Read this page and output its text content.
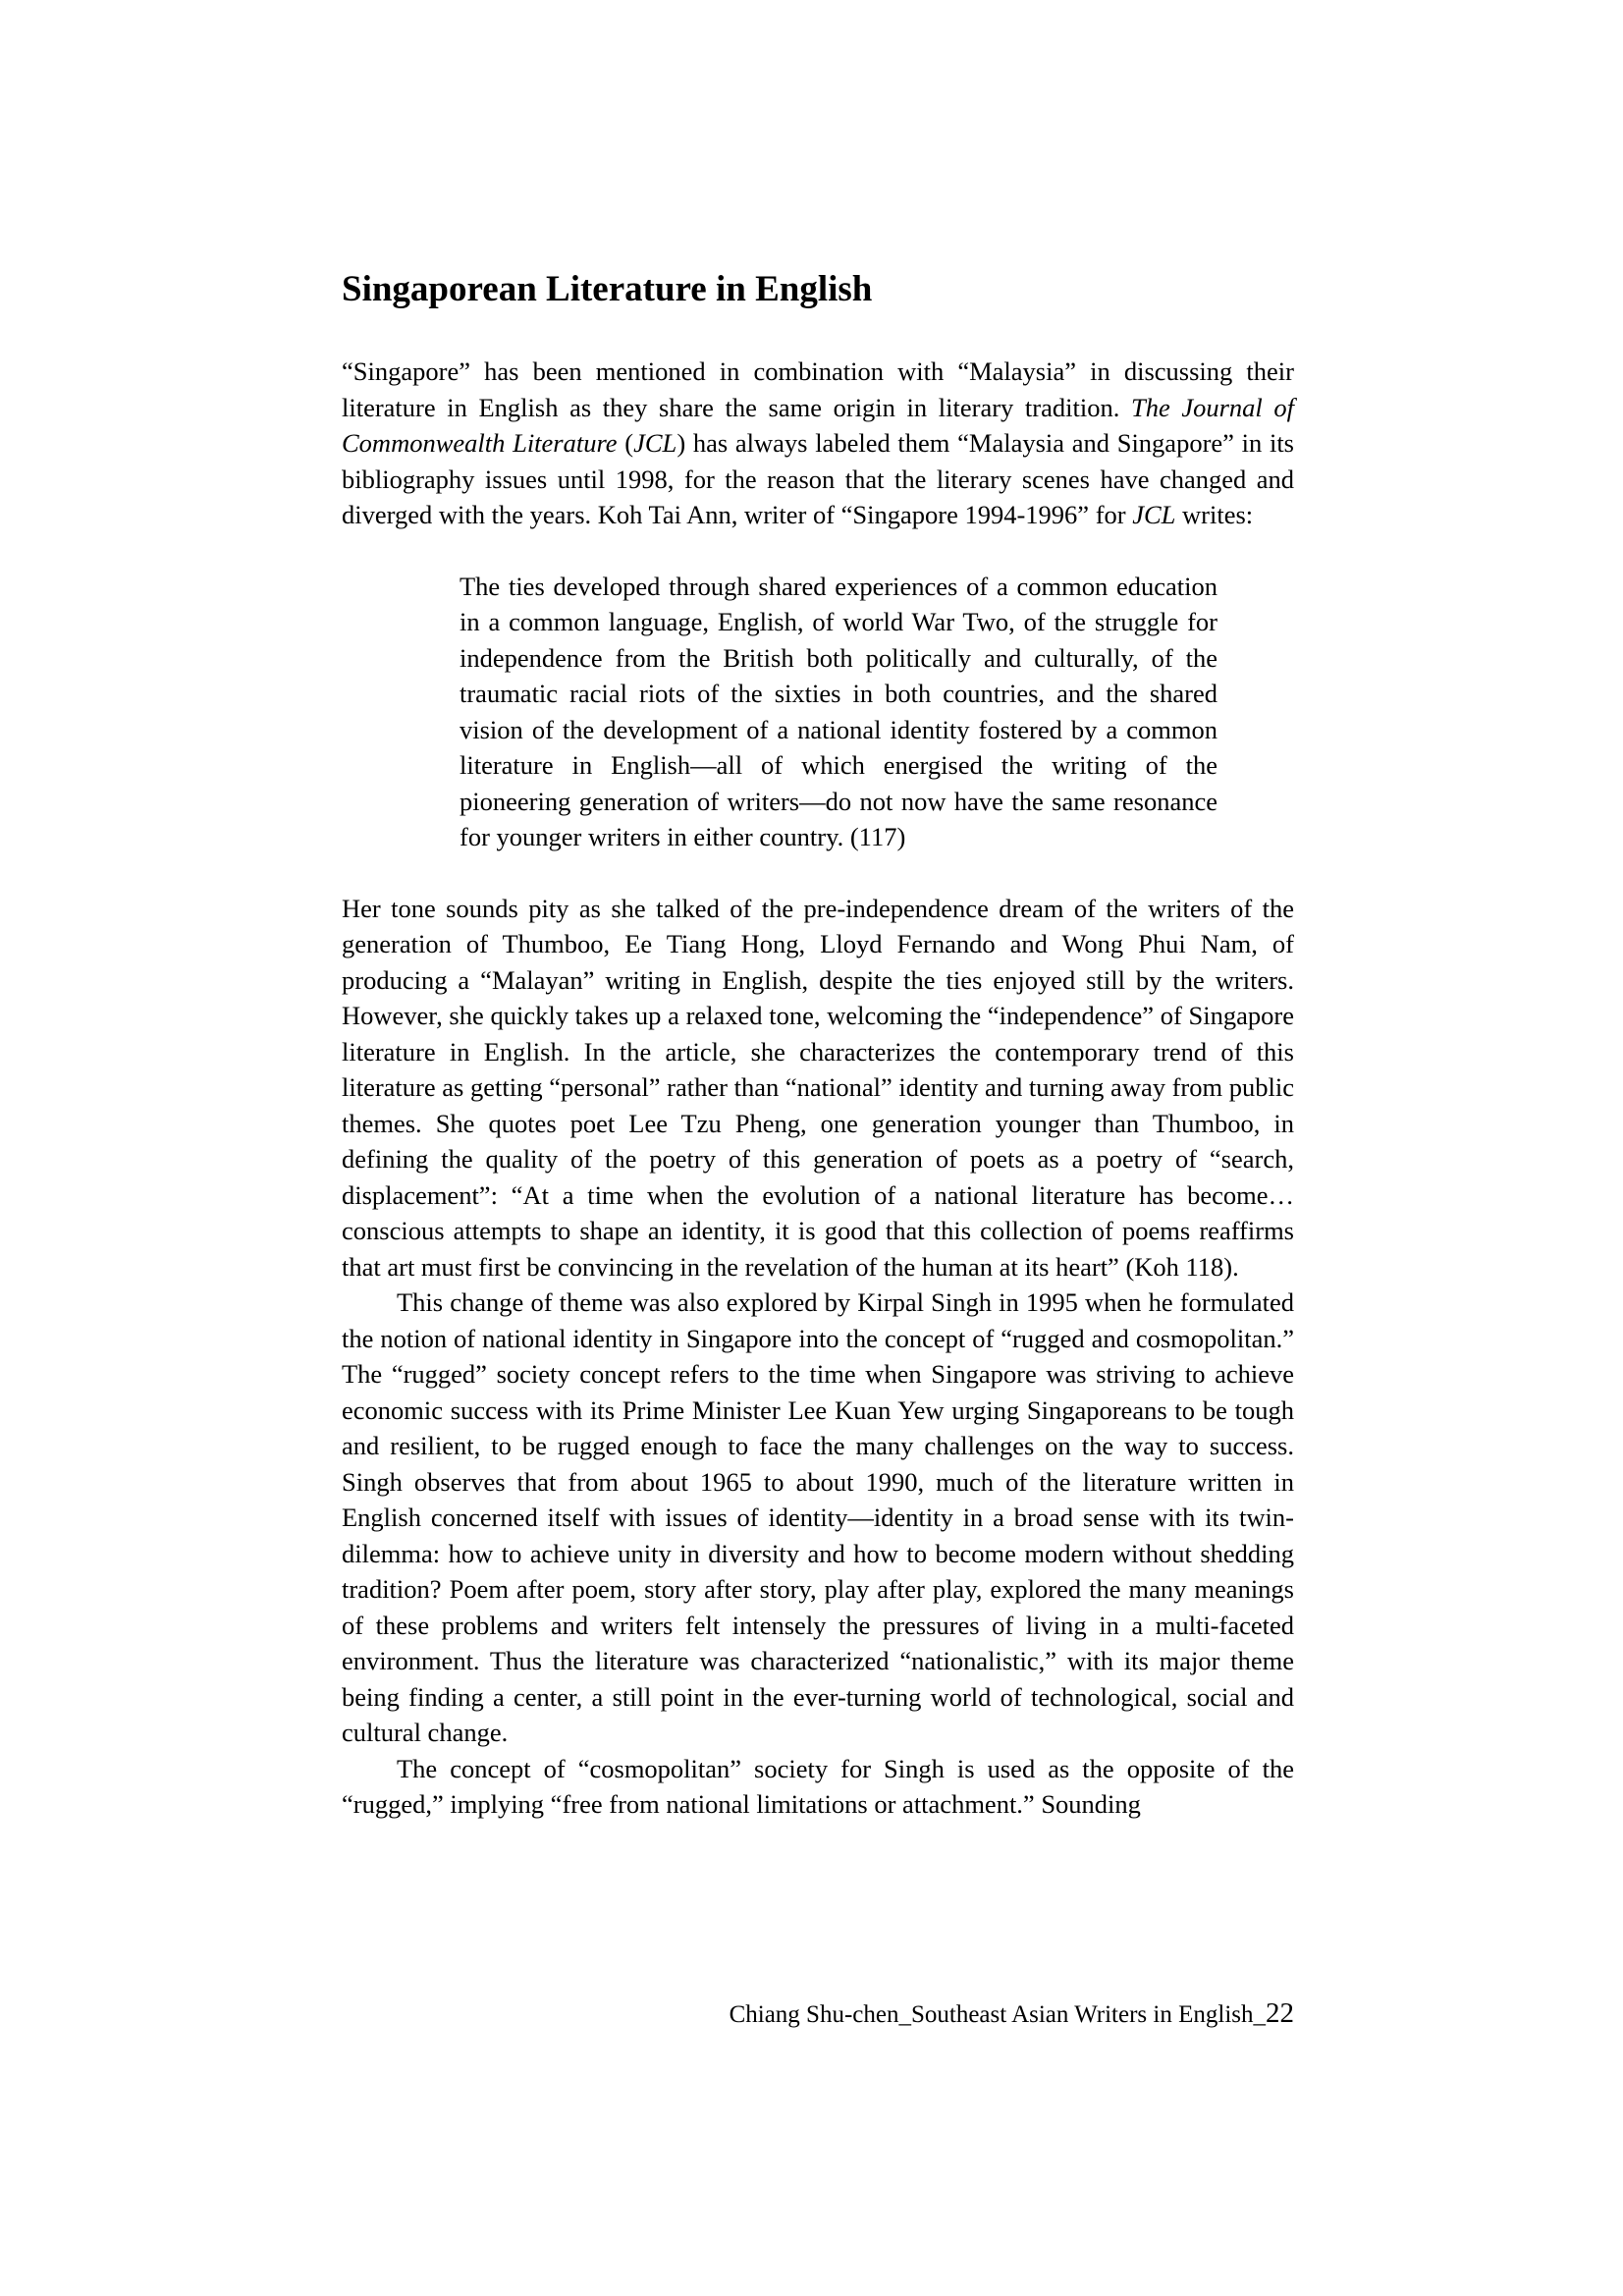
Singaporean Literature in English

“Singapore” has been mentioned in combination with “Malaysia” in discussing their literature in English as they share the same origin in literary tradition. The Journal of Commonwealth Literature (JCL) has always labeled them “Malaysia and Singapore” in its bibliography issues until 1998, for the reason that the literary scenes have changed and diverged with the years. Koh Tai Ann, writer of “Singapore 1994-1996” for JCL writes:

The ties developed through shared experiences of a common education in a common language, English, of world War Two, of the struggle for independence from the British both politically and culturally, of the traumatic racial riots of the sixties in both countries, and the shared vision of the development of a national identity fostered by a common literature in English—all of which energised the writing of the pioneering generation of writers—do not now have the same resonance for younger writers in either country. (117)

Her tone sounds pity as she talked of the pre-independence dream of the writers of the generation of Thumboo, Ee Tiang Hong, Lloyd Fernando and Wong Phui Nam, of producing a “Malayan” writing in English, despite the ties enjoyed still by the writers. However, she quickly takes up a relaxed tone, welcoming the “independence” of Singapore literature in English. In the article, she characterizes the contemporary trend of this literature as getting “personal” rather than “national” identity and turning away from public themes. She quotes poet Lee Tzu Pheng, one generation younger than Thumboo, in defining the quality of the poetry of this generation of poets as a poetry of “search, displacement”: “At a time when the evolution of a national literature has become…conscious attempts to shape an identity, it is good that this collection of poems reaffirms that art must first be convincing in the revelation of the human at its heart” (Koh 118).

This change of theme was also explored by Kirpal Singh in 1995 when he formulated the notion of national identity in Singapore into the concept of “rugged and cosmopolitan.” The “rugged” society concept refers to the time when Singapore was striving to achieve economic success with its Prime Minister Lee Kuan Yew urging Singaporeans to be tough and resilient, to be rugged enough to face the many challenges on the way to success. Singh observes that from about 1965 to about 1990, much of the literature written in English concerned itself with issues of identity—identity in a broad sense with its twin-dilemma: how to achieve unity in diversity and how to become modern without shedding tradition? Poem after poem, story after story, play after play, explored the many meanings of these problems and writers felt intensely the pressures of living in a multi-faceted environment. Thus the literature was characterized “nationalistic,” with its major theme being finding a center, a still point in the ever-turning world of technological, social and cultural change.

The concept of “cosmopolitan” society for Singh is used as the opposite of the “rugged,” implying “free from national limitations or attachment.” Sounding

Chiang Shu-chen_Southeast Asian Writers in English_22
